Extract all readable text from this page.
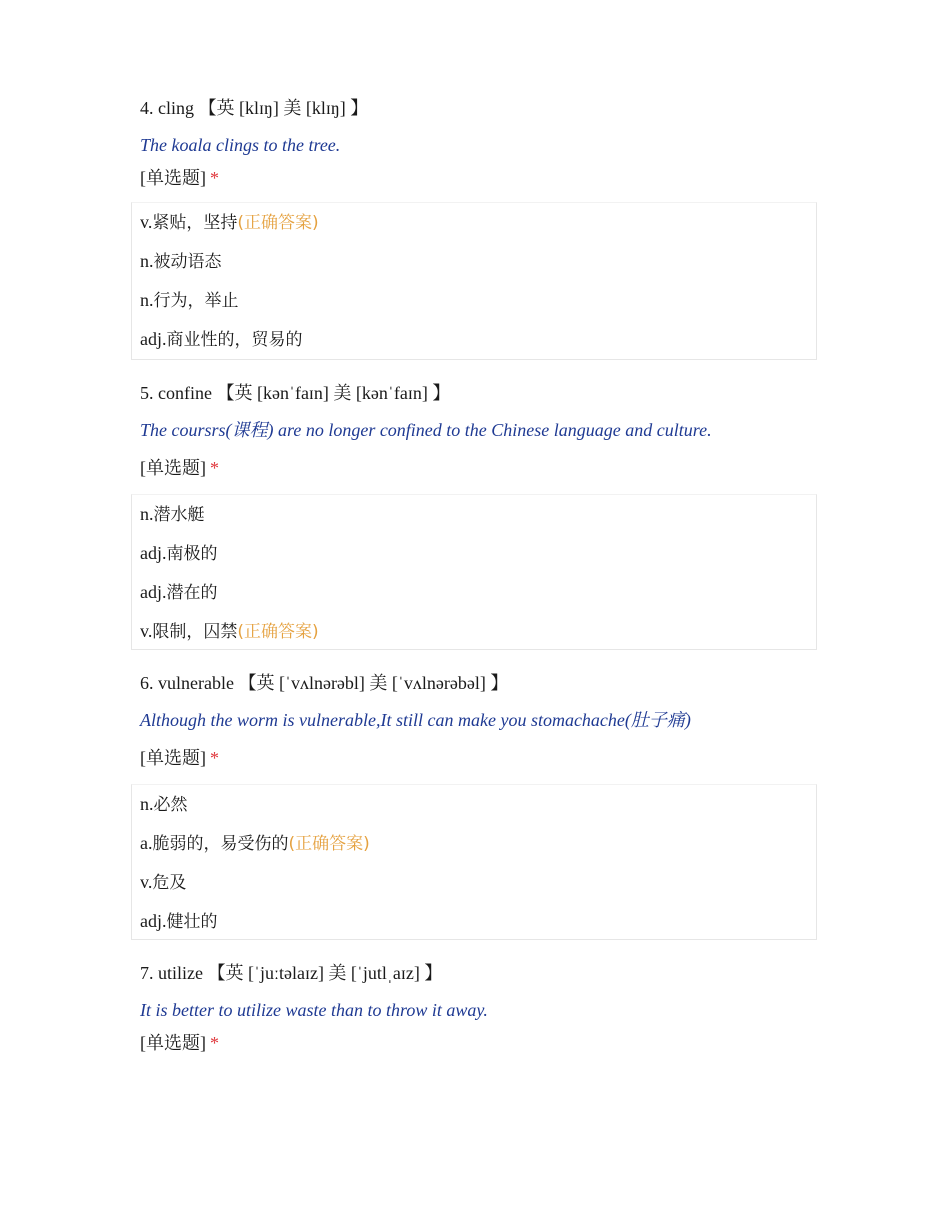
4. cling 【英 [klɪŋ] 美 [klɪŋ] 】
The koala clings to the tree.
[单选题] *
v.紧贴，坚持(正确答案)
n.被动语态
n.行为，举止
adj.商业性的，贸易的
5. confine 【英 [kənˈfaɪn] 美 [kənˈfaɪn] 】
The coursrs(课程) are no longer confined to the Chinese language and culture.
[单选题] *
n.潜水艇
adj.南极的
adj.潜在的
v.限制，囚禁(正确答案)
6. vulnerable 【英 [ˈvʌlnərəbl] 美 [ˈvʌlnərəbəl] 】
Although the worm is vulnerable,It still can make you stomachache(肚子痛)
[单选题] *
n.必然
a.脆弱的，易受伤的(正确答案)
v.危及
adj.健壮的
7. utilize 【英 [ˈjuːtəlaɪz] 美 [ˈjutlˌaɪz] 】
It is better to utilize waste than to throw it away.
[单选题] *
